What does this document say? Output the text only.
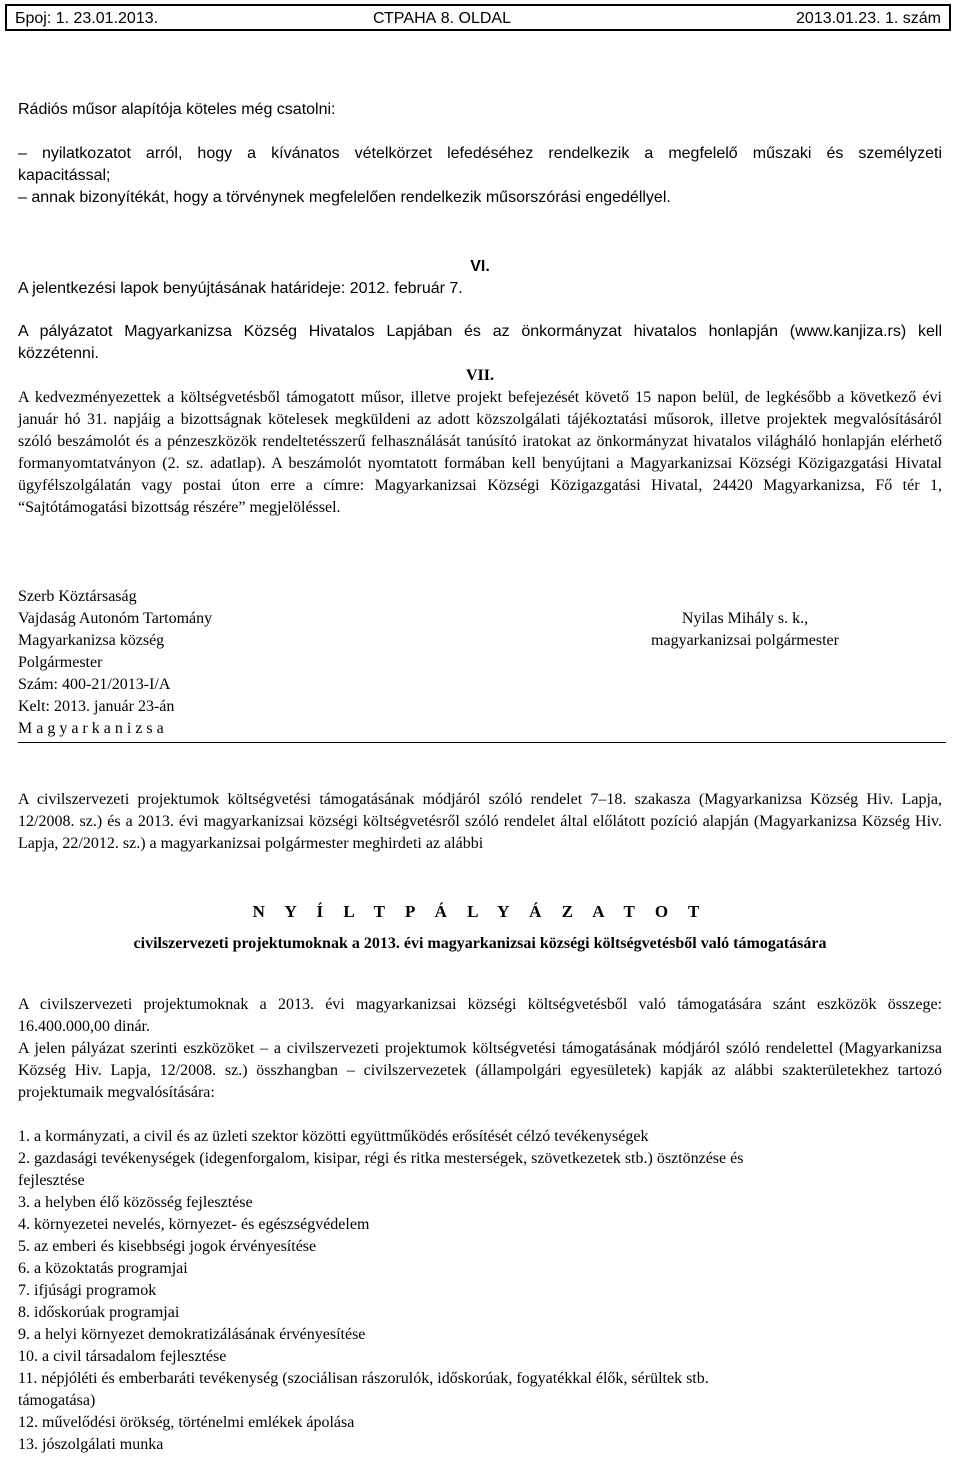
Број: 1. 23.01.2013.	СТРАНА 8. OLDAL	2013.01.23. 1. szám

Rádiós műsor alapítója köteles még csatolni:

– nyilatkozatot arról, hogy a kívánatos vételkörzet lefedéséhez rendelkezik a megfelelő műszaki és személyzeti

kapacitással;

– annak bizonyítékát, hogy a törvénynek megfelelően rendelkezik műsorszórási engedéllyel.

VI.
A jelentkezési lapok benyújtásának határideje: 2012. február 7.

A pályázatot Magyarkanizsa Község Hivatalos Lapjában és az önkormányzat hivatalos honlapján (www.kanjiza.rs) kell

közzétenni.

VII.
A kedvezményezettek a költségvetésből támogatott műsor, illetve projekt befejezését követő 15 napon belül, de legkésőbb a következő évi január hó 31. napjáig a bizottságnak kötelesek megküldeni az adott közszolgálati tájékoztatási műsorok, illetve projektek megvalósításáról szóló beszámolót és a pénzeszközök rendeltetésszerű felhasználását tanúsító iratokat az önkormányzat hivatalos világháló honlapján elérhető formanyomtatványon (2. sz. adatlap). A beszámolót nyomtatott formában kell benyújtani a Magyarkanizsai Községi Közigazgatási Hivatal ügyfélszolgálatán vagy postai úton erre a címre: Magyarkanizsai Községi Közigazgatási Hivatal, 24420 Magyarkanizsa, Fő tér 1, “Sajtótámogatási bizottság részére” megjelöléssel.

Szerb Köztársaság

Vajdaság Autonóm Tartomány

Magyarkanizsa község

Polgármester

Szám: 400-21/2013-I/A

Kelt: 2013. január 23-án

M a g y a r k a n i z s a

Nyilas Mihály s. k.,

magyarkanizsai polgármester

A civilszervezeti projektumok költségvetési támogatásának módjáról szóló rendelet 7–18. szakasza (Magyarkanizsa Község Hiv. Lapja, 12/2008. sz.) és a 2013. évi magyarkanizsai községi költségvetésről szóló rendelet által előlátott pozíció alapján (Magyarkanizsa Község Hiv. Lapja, 22/2012. sz.) a magyarkanizsai polgármester meghirdeti az alábbi
N Y Í L T P Á L Y Á Z A T O T
civilszervezeti projektumoknak a 2013. évi magyarkanizsai községi költségvetésből való támogatására
A civilszervezeti projektumoknak a 2013. évi magyarkanizsai községi költségvetésből való támogatására szánt eszközök összege: 16.400.000,00 dinár.
A jelen pályázat szerinti eszközöket – a civilszervezeti projektumok költségvetési támogatásának módjáról szóló rendelettel (Magyarkanizsa Község Hiv. Lapja, 12/2008. sz.) összhangban – civilszervezetek (állampolgári egyesületek) kapják az alábbi szakterületekhez tartozó projektumaik megvalósítására:

1. a kormányzati, a civil és az üzleti szektor közötti együttműködés erősítését célzó tevékenységek

2. gazdasági tevékenységek (idegenforgalom, kisipar, régi és ritka mesterségek, szövetkezetek stb.) ösztönzése és

fejlesztése

3. a helyben élő közösség fejlesztése

4. környezetei nevelés, környezet- és egészségvédelem

5. az emberi és kisebbségi jogok érvényesítése

6. a közoktatás programjai

7. ifjúsági programok

8. időskorúak programjai

9. a helyi környezet demokratizálásának érvényesítése

10. a civil társadalom fejlesztése

11. népjóléti és emberbaráti tevékenység (szociálisan rászorulók, időskorúak, fogyatékkal élők, sérültek stb.

támogatása)

12. művelődési örökség, történelmi emlékek ápolása

13. jószolgálati munka
